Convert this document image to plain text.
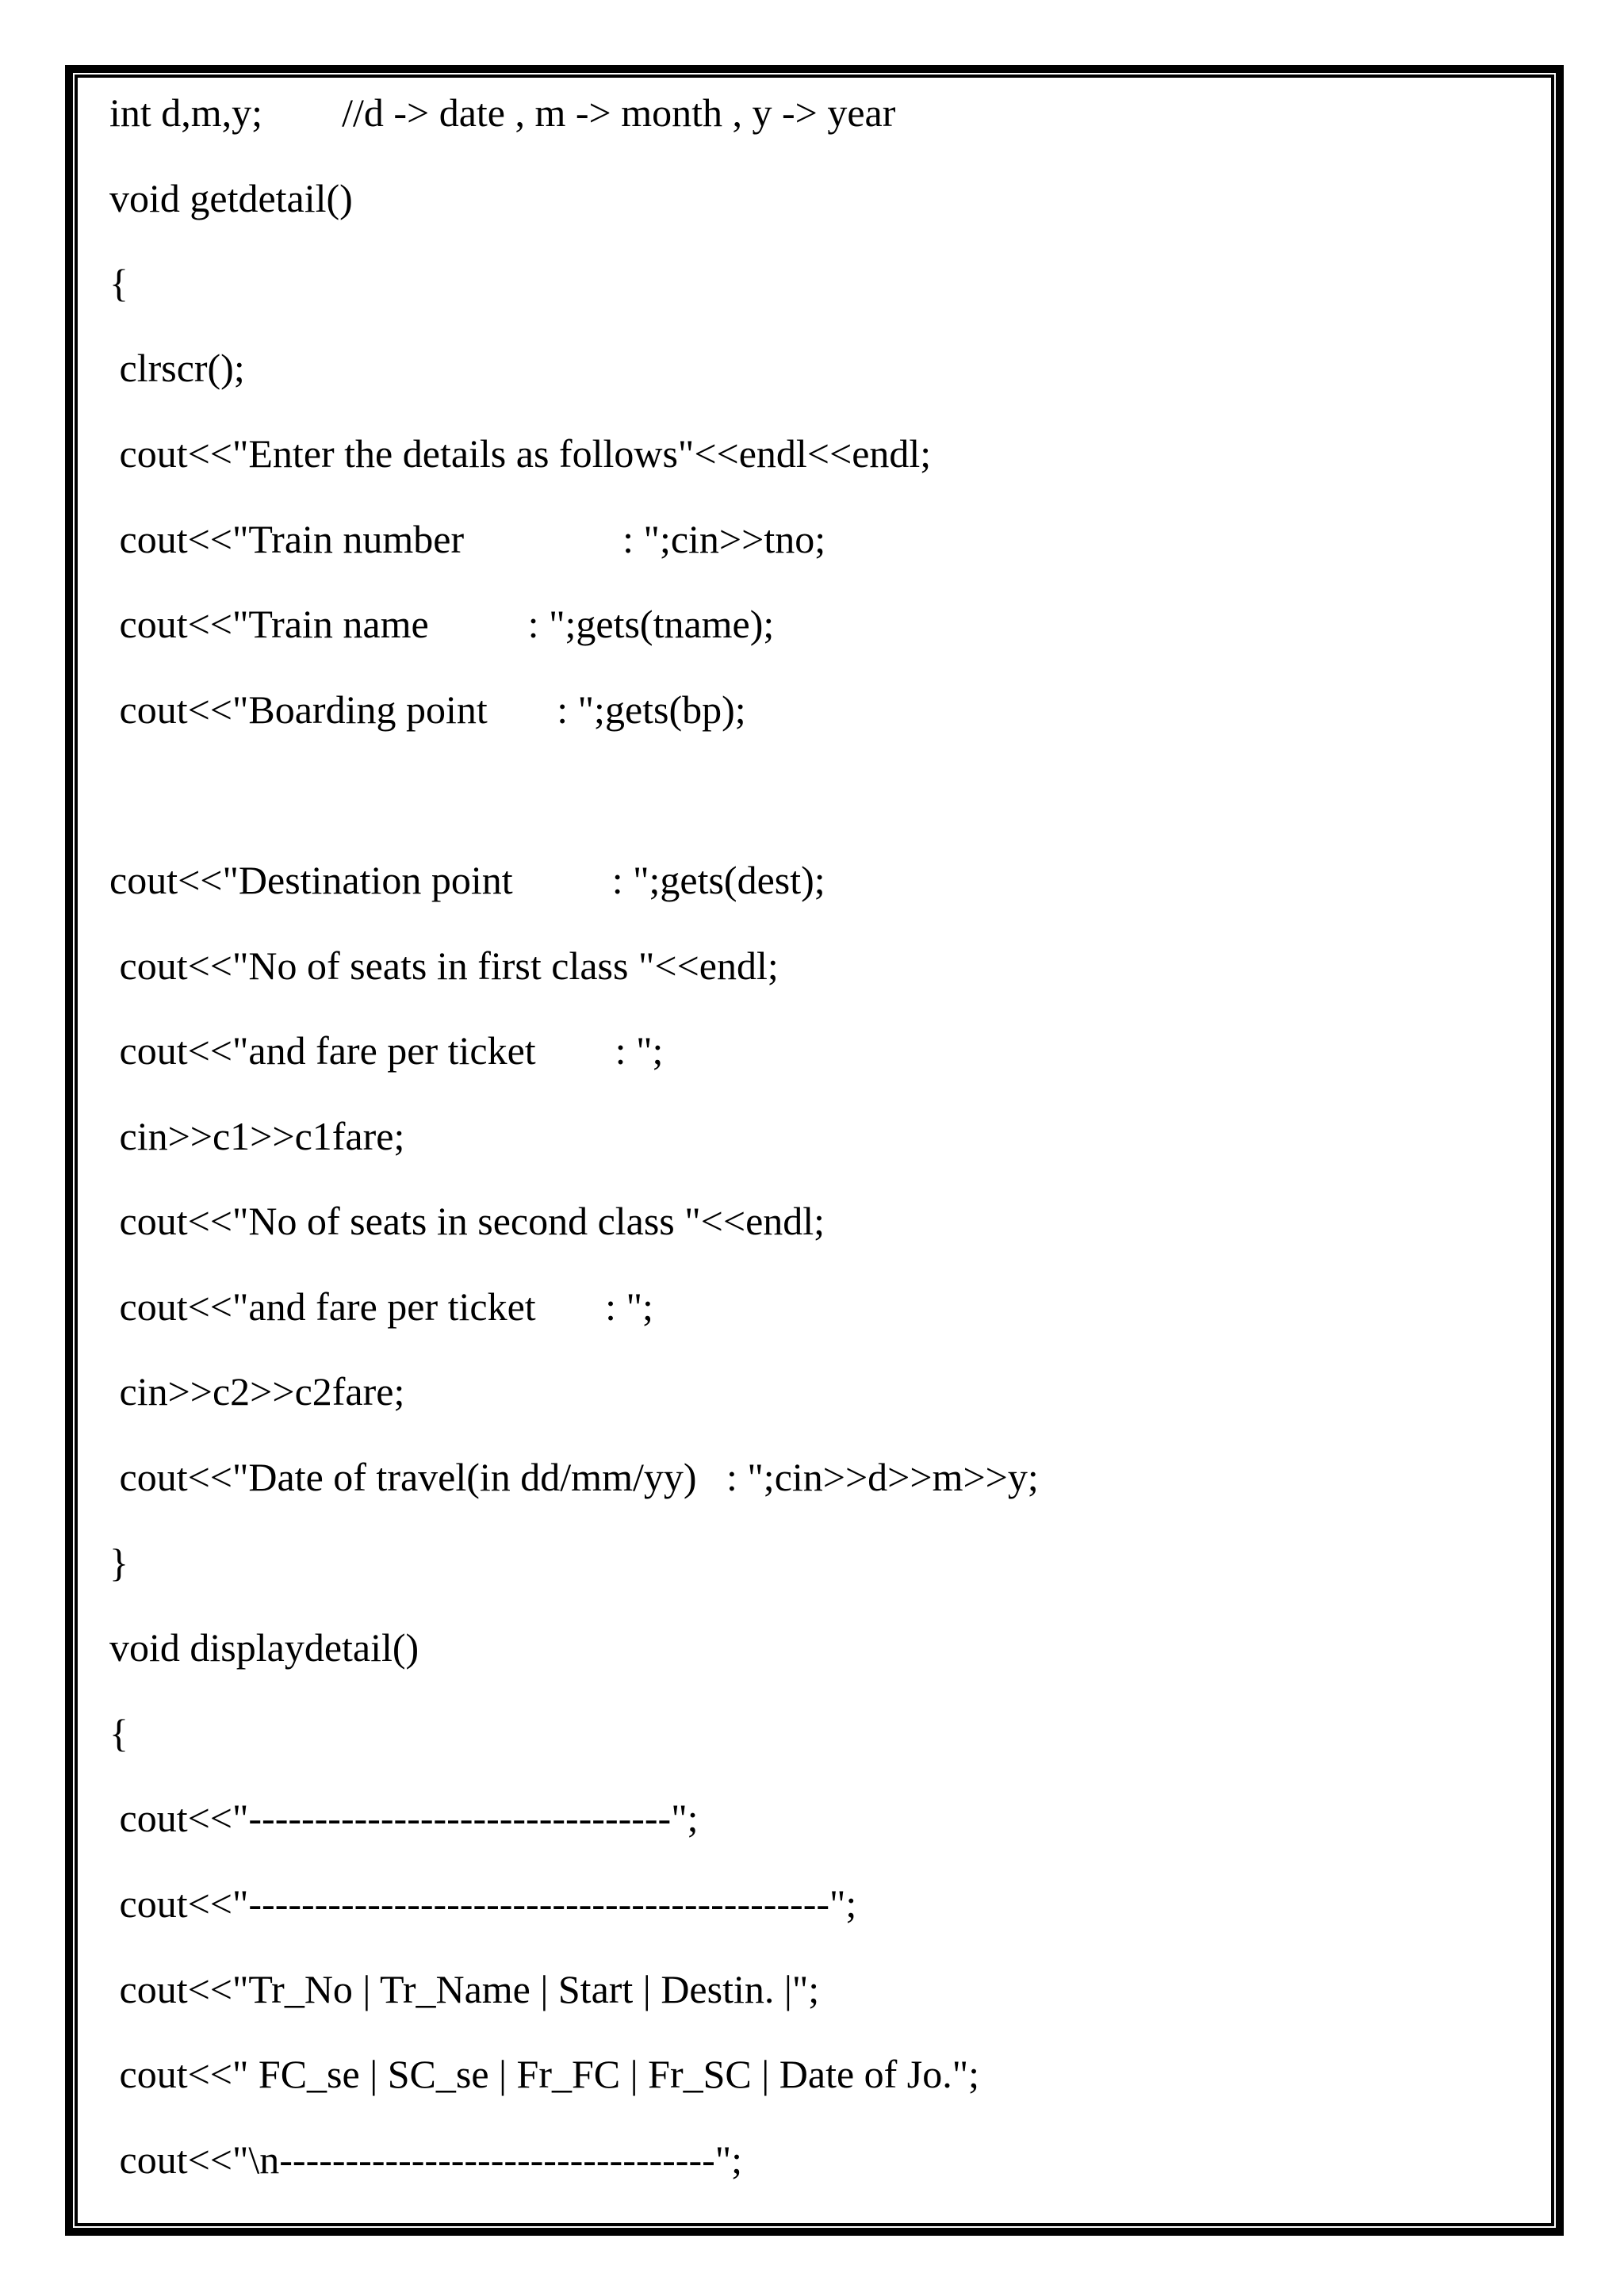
int d,m,y;        //d -> date , m -> month , y -> year
void getdetail()
{
clrscr();
cout<<"Enter the details as follows"<<endl<<endl;
cout<<"Train number                : ";cin>>tno;
cout<<"Train name          : ";gets(tname);
cout<<"Boarding point       : ";gets(bp);
cout<<"Destination point          : ";gets(dest);
cout<<"No of seats in first class "<<endl;
cout<<"and fare per ticket        : ";
cin>>c1>>c1fare;
cout<<"No of seats in second class "<<endl;
cout<<"and fare per ticket       : ";
cin>>c2>>c2fare;
cout<<"Date of travel(in dd/mm/yy)   : ";cin>>d>>m>>y;
}
void displaydetail()
{
cout<<"--------------------------------";
cout<<"--------------------------------------------";
cout<<"Tr_No | Tr_Name | Start | Destin. |";
cout<<" FC_se | SC_se | Fr_FC | Fr_SC | Date of Jo.";
cout<<"\n---------------------------------";
